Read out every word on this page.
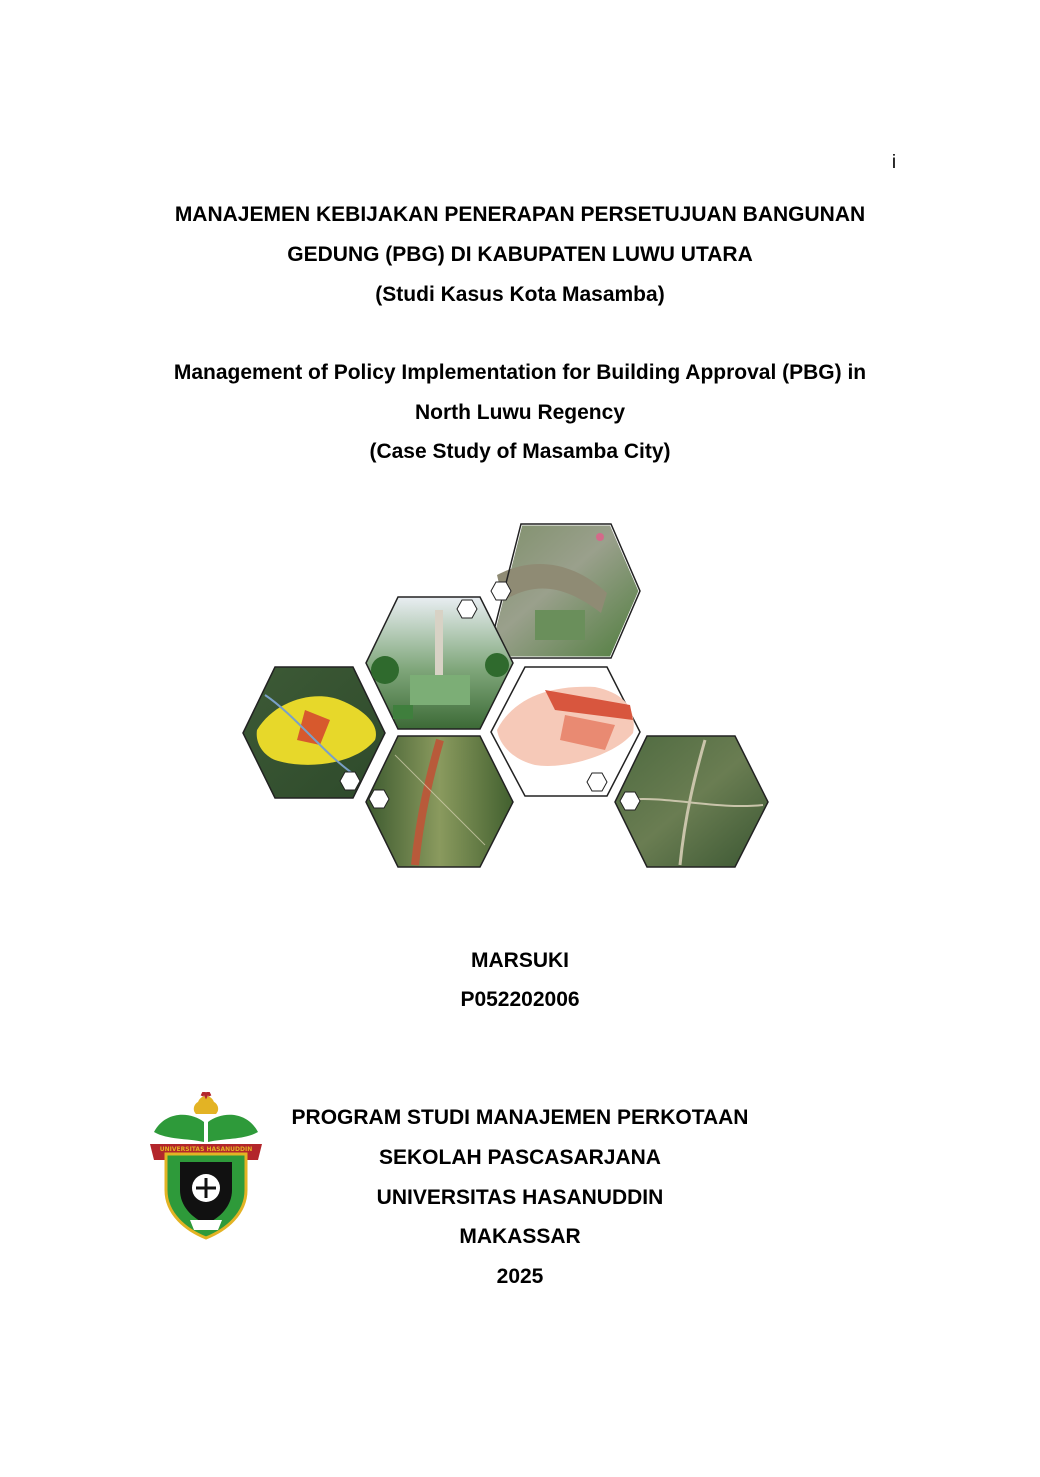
i
MANAJEMEN KEBIJAKAN PENERAPAN PERSETUJUAN BANGUNAN
GEDUNG (PBG) DI KABUPATEN LUWU UTARA
(Studi Kasus Kota Masamba)
Management of Policy Implementation for Building Approval (PBG) in
North Luwu Regency
(Case Study of Masamba City)
MARSUKI
P052202006
UNIVERSITAS HASANUDDIN
PROGRAM STUDI MANAJEMEN PERKOTAAN
SEKOLAH PASCASARJANA
UNIVERSITAS HASANUDDIN
MAKASSAR
2025
